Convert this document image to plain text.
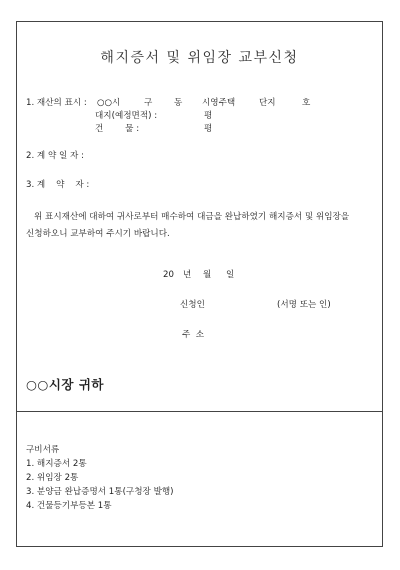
해지증서 및 위임장 교부신청
1. 재산의 표시 : ○○시	구	동 시영주택	단지	호
대지(예정면적) :	평
건        물 :	평
2. 계 약 일 자 :
3. 계    약    자 :
위 표시재산에 대하여 귀사로부터 매수하여 대금을 완납하였기 해지증서 및 위임장을 신청하오니 교부하여 주시기 바랍니다.
20 년 월 일
신청인	(서명 또는 인)
주  소
○○시장 귀하
구비서류
1. 해지증서 2통
2. 위임장 2통
3. 분양금 완납증명서 1통(구청장 발행)
4. 건물등기부등본 1통
